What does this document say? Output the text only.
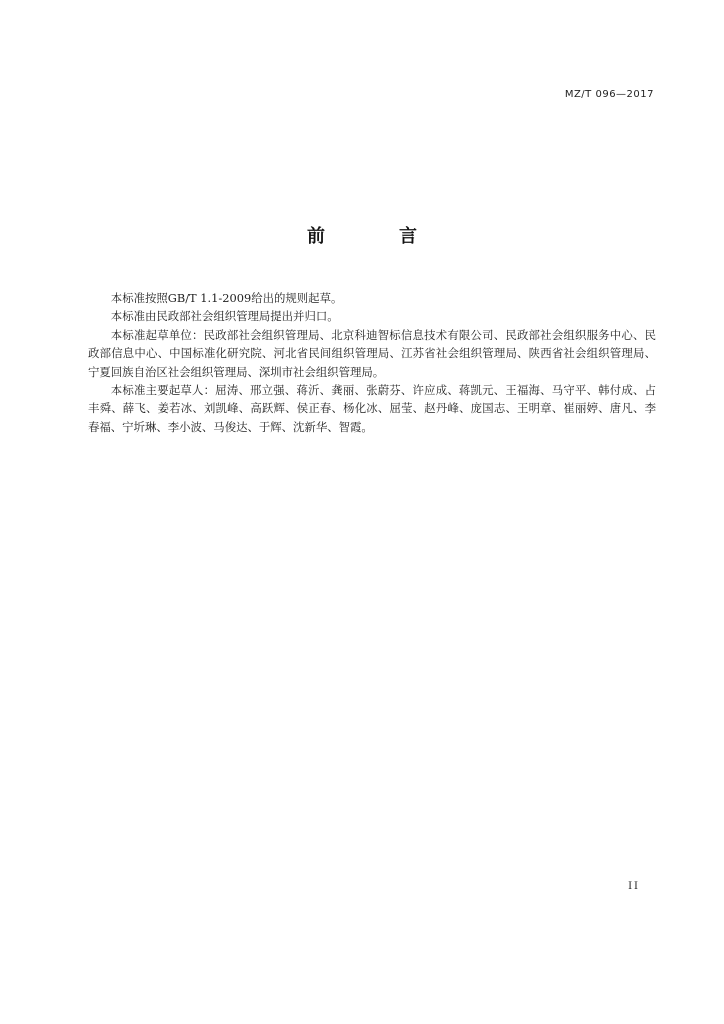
MZ/T 096—2017
前　言

本标准按照GB/T 1.1-2009给出的规则起草。

本标准由民政部社会组织管理局提出并归口。

本标准起草单位：民政部社会组织管理局、北京科迪智标信息技术有限公司、民政部社会组织服务中心、民政部信息中心、中国标准化研究院、河北省民间组织管理局、江苏省社会组织管理局、陕西省社会组织管理局、宁夏回族自治区社会组织管理局、深圳市社会组织管理局。

本标准主要起草人：屈涛、邢立强、蒋沂、龚丽、张蔚芬、许应成、蒋凯元、王福海、马守平、韩付成、占丰舜、薛飞、姜若冰、刘凯峰、高跃辉、侯正春、杨化冰、屈莹、赵丹峰、庞国志、王明章、崔丽婷、唐凡、李春福、宁圻琳、李小波、马俊达、于辉、沈新华、智霞。

II
